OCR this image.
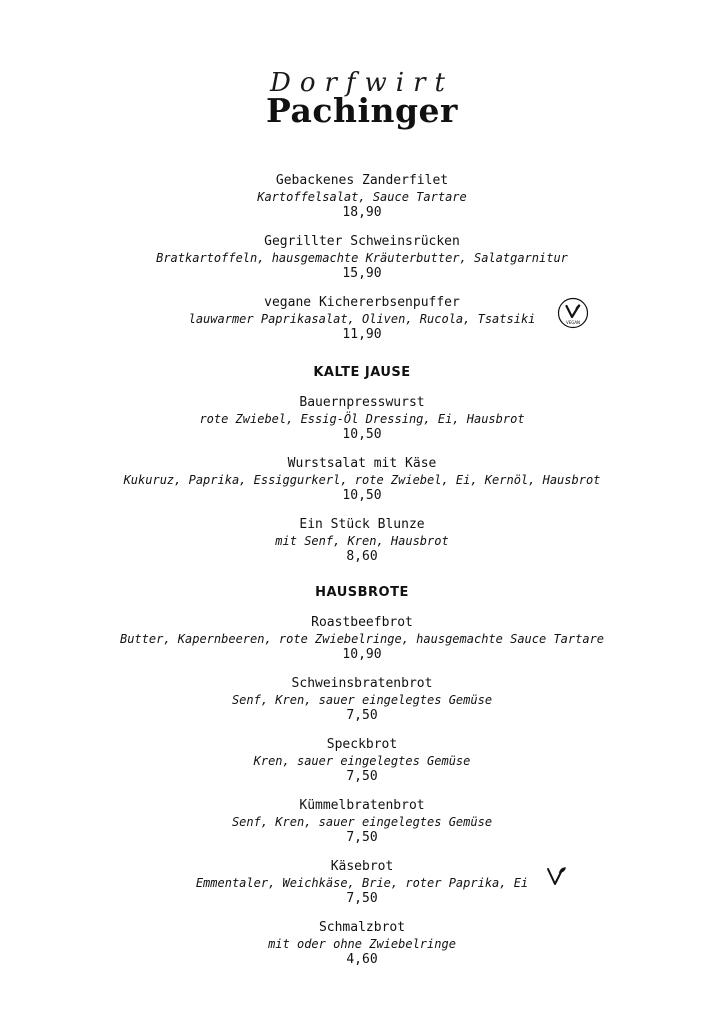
Dorfwirt
Pachinger
Gebackenes Zanderfilet
Kartoffelsalat, Sauce Tartare
18,90
Gegrillter Schweinsrücken
Bratkartoffeln, hausgemachte Kräuterbutter, Salatgarnitur
15,90
vegane Kichererbsenpuffer
lauwarmer Paprikasalat, Oliven, Rucola, Tsatsiki
11,90
VEGAN
KALTE JAUSE
Bauernpresswurst
rote Zwiebel, Essig-Öl Dressing, Ei, Hausbrot
10,50
Wurstsalat mit Käse
Kukuruz, Paprika, Essiggurkerl, rote Zwiebel, Ei, Kernöl, Hausbrot
10,50
Ein Stück Blunze
mit Senf, Kren, Hausbrot
8,60
HAUSBROTE
Roastbeefbrot
Butter, Kapernbeeren, rote Zwiebelringe, hausgemachte Sauce Tartare
10,90
Schweinsbratenbrot
Senf, Kren, sauer eingelegtes Gemüse
7,50
Speckbrot
Kren, sauer eingelegtes Gemüse
7,50
Kümmelbratenbrot
Senf, Kren, sauer eingelegtes Gemüse
7,50
Käsebrot
Emmentaler, Weichkäse, Brie, roter Paprika, Ei
7,50
Schmalzbrot
mit oder ohne Zwiebelringe
4,60
